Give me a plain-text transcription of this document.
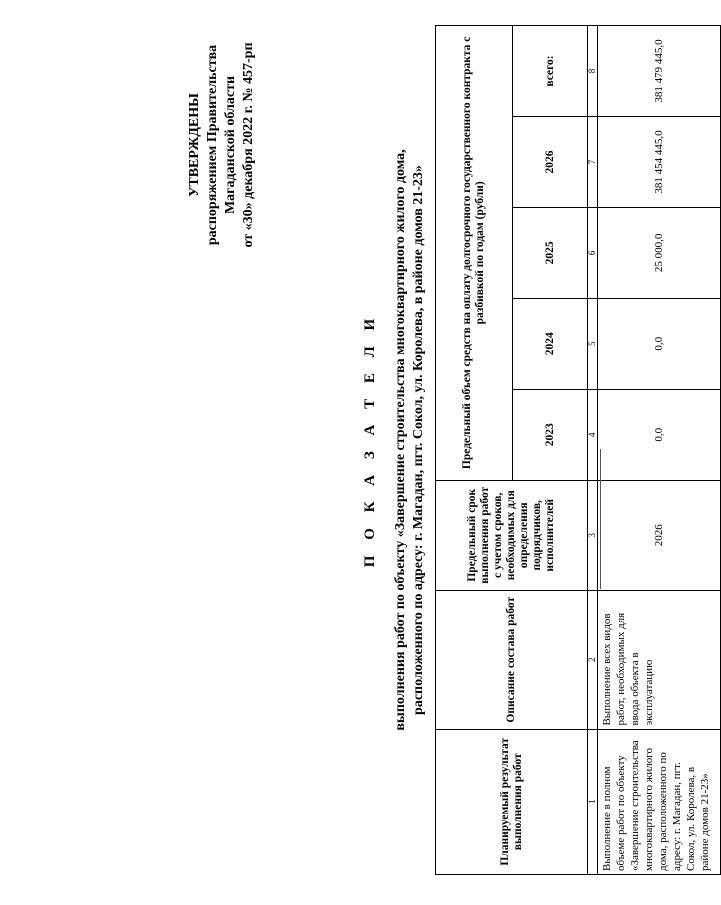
УТВЕРЖДЕНЫ распоряжением Правительства Магаданской области от «30» декабря 2022 г. № 457-рп
П О К А З А Т Е Л И выполнения работ по объекту «Завершение строительства многоквартирного жилого дома, расположенного по адресу: г. Магадан, пгт. Сокол, ул. Королева, в районе домов 21-23»
Планируемый результат выполнения работ	Описание состава работ	Предельный срок выполнения работ с учетом сроков, необходимых для определения подрядчиков, исполнителей	Предельный объем средств на оплату долгосрочного государственного контракта с разбивкой по годам (рубли)				
			2023	2024	2025	2026	всего:
1	2	3	4	5	6	7	8
Выполнение в полном объеме работ по объекту «Завершение строительства многоквартирного жилого дома, расположенного по адресу: г. Магадан, пгт. Сокол, ул. Королева, в районе домов 21-23»	Выполнение всех видов работ, необходимых для ввода объекта в эксплуатацию	2026	0,0	0,0	25 000,0	381 454 445,0	381 479 445,0
